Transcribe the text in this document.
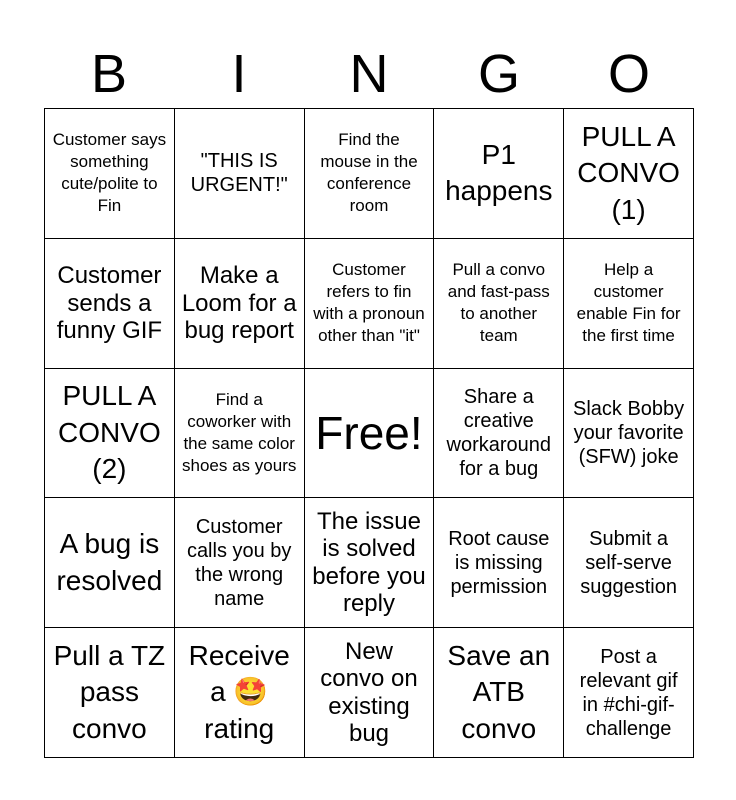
B	I	N	G	O
Customer says something cute/polite to Fin
"THIS IS URGENT!"
Find the mouse in the conference room
P1 happens
PULL A CONVO (1)
Customer sends a funny GIF
Make a Loom for a bug report
Customer refers to fin with a pronoun other than "it"
Pull a convo and fast-pass to another team
Help a customer enable Fin for the first time
PULL A CONVO (2)
Find a coworker with the same color shoes as yours
Free!
Share a creative workaround for a bug
Slack Bobby your favorite (SFW) joke
A bug is resolved
Customer calls you by the wrong name
The issue is solved before you reply
Root cause is missing permission
Submit a self-serve suggestion
Pull a TZ pass convo
Receive a 🤩 rating
New convo on existing bug
Save an ATB convo
Post a relevant gif in #chi-gif-challenge
